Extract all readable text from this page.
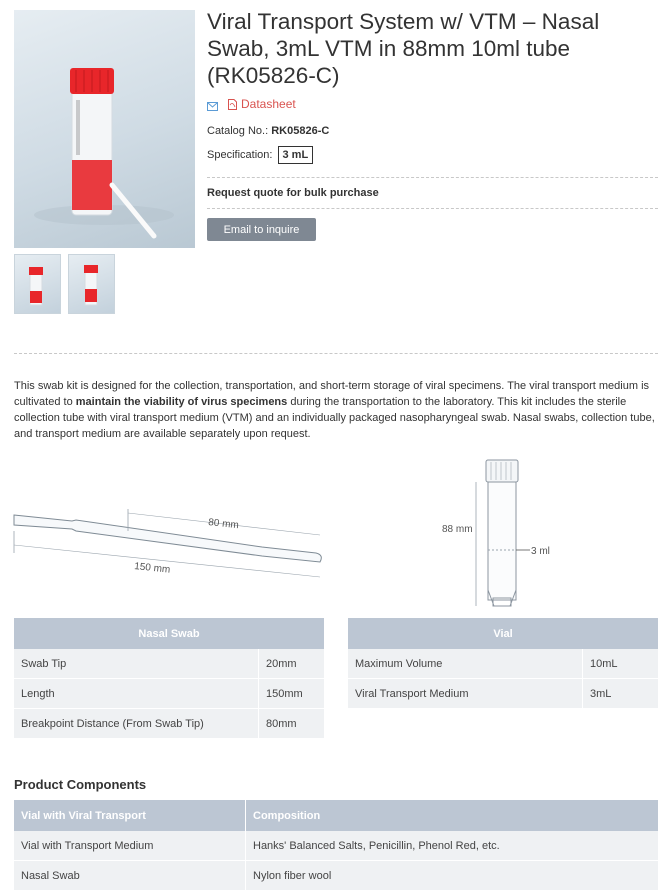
Viral Transport System w/ VTM – Nasal Swab, 3mL VTM in 88mm 10ml tube (RK05826-C)
Datasheet
Catalog No.: RK05826-C
Specification: 3 mL
Request quote for bulk purchase
Email to inquire

This swab kit is designed for the collection, transportation, and short-term storage of viral specimens. The viral transport medium is cultivated to maintain the viability of virus specimens during the transportation to the laboratory. This kit includes the sterile collection tube with viral transport medium (VTM) and an individually packaged nasopharyngeal swab. Nasal swabs, collection tube, and transport medium are available separately upon request.

80 mm
150 mm
88 mm
3 ml
Nasal Swab	
Swab Tip	20mm
Length	150mm
Breakpoint Distance (From Swab Tip)	80mm
Vial	
Maximum Volume	10mL
Viral Transport Medium	3mL
Product Components
Vial with Viral Transport	Composition
Vial with Transport Medium	Hanks' Balanced Salts, Penicillin, Phenol Red, etc.
Nasal Swab	Nylon fiber wool
